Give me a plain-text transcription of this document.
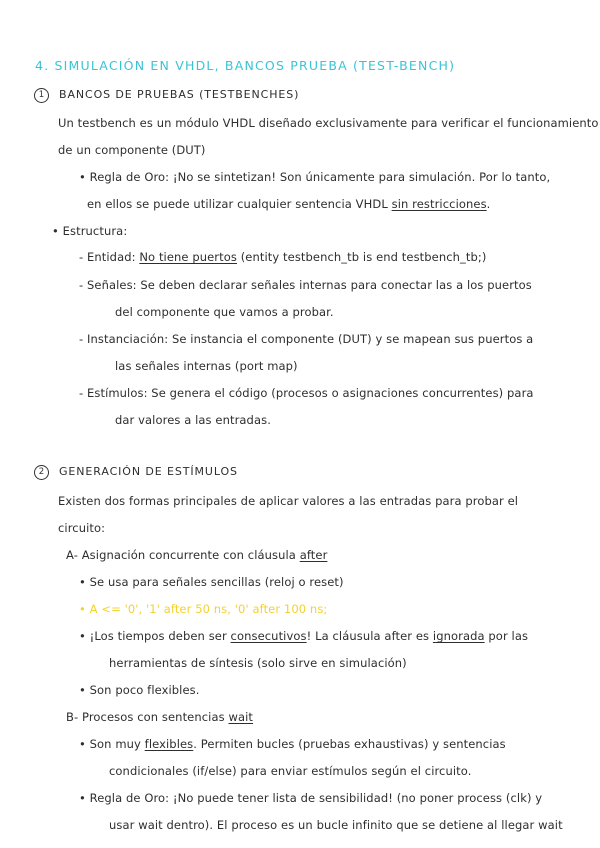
4. SIMULACIÓN EN VHDL, BANCOS PRUEBA (TEST-BENCH)
1	BANCOS DE PRUEBAS (TESTBENCHES)
Un testbench es un módulo VHDL diseñado exclusivamente para verificar el funcionamiento
de un componente (DUT)
• Regla de Oro: ¡No se sintetizan! Son únicamente para simulación. Por lo tanto,
en ellos se puede utilizar cualquier sentencia VHDL sin restricciones.
• Estructura:
- Entidad: No tiene puertos (entity testbench_tb is end testbench_tb;)
- Señales: Se deben declarar señales internas para conectar las a los puertos
del componente que vamos a probar.
- Instanciación: Se instancia el componente (DUT) y se mapean sus puertos a
las señales internas (port map)
- Estímulos: Se genera el código (procesos o asignaciones concurrentes) para
dar valores a las entradas.
2	GENERACIÓN DE ESTÍMULOS
Existen dos formas principales de aplicar valores a las entradas para probar el
circuito:
A- Asignación concurrente con cláusula after
• Se usa para señales sencillas (reloj o reset)
• A <= '0', '1' after 50 ns, '0' after 100 ns;
• ¡Los tiempos deben ser consecutivos! La cláusula after es ignorada por las
herramientas de síntesis (solo sirve en simulación)
• Son poco flexibles.
B- Procesos con sentencias wait
• Son muy flexibles. Permiten bucles (pruebas exhaustivas) y sentencias
condicionales (if/else) para enviar estímulos según el circuito.
• Regla de Oro: ¡No puede tener lista de sensibilidad! (no poner process (clk) y
usar wait dentro). El proceso es un bucle infinito que se detiene al llegar wait
